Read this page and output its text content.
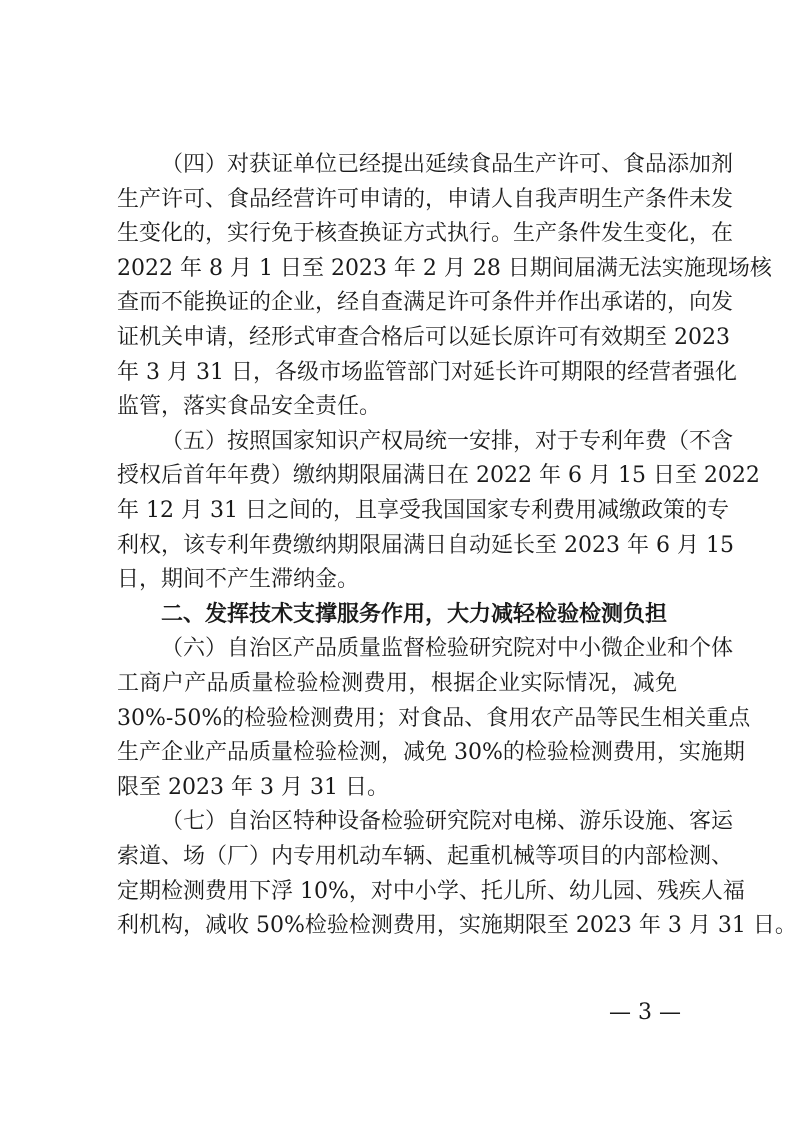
（四）对获证单位已经提出延续食品生产许可、食品添加剂
生产许可、食品经营许可申请的，申请人自我声明生产条件未发
生变化的，实行免于核查换证方式执行。生产条件发生变化，在
2022 年 8 月 1 日至 2023 年 2 月 28 日期间届满无法实施现场核
查而不能换证的企业，经自查满足许可条件并作出承诺的，向发
证机关申请，经形式审查合格后可以延长原许可有效期至 2023
年 3 月 31 日，各级市场监管部门对延长许可期限的经营者强化
监管，落实食品安全责任。
（五）按照国家知识产权局统一安排，对于专利年费（不含
授权后首年年费）缴纳期限届满日在 2022 年 6 月 15 日至 2022
年 12 月 31 日之间的，且享受我国国家专利费用减缴政策的专
利权，该专利年费缴纳期限届满日自动延长至 2023 年 6 月 15
日，期间不产生滞纳金。
二、发挥技术支撑服务作用，大力减轻检验检测负担
（六）自治区产品质量监督检验研究院对中小微企业和个体
工商户产品质量检验检测费用，根据企业实际情况，减免
30%-50%的检验检测费用；对食品、食用农产品等民生相关重点
生产企业产品质量检验检测，减免 30%的检验检测费用，实施期
限至 2023 年 3 月 31 日。
（七）自治区特种设备检验研究院对电梯、游乐设施、客运
索道、场（厂）内专用机动车辆、起重机械等项目的内部检测、
定期检测费用下浮 10%，对中小学、托儿所、幼儿园、残疾人福
利机构，减收 50%检验检测费用，实施期限至 2023 年 3 月 31 日。
— 3 —
